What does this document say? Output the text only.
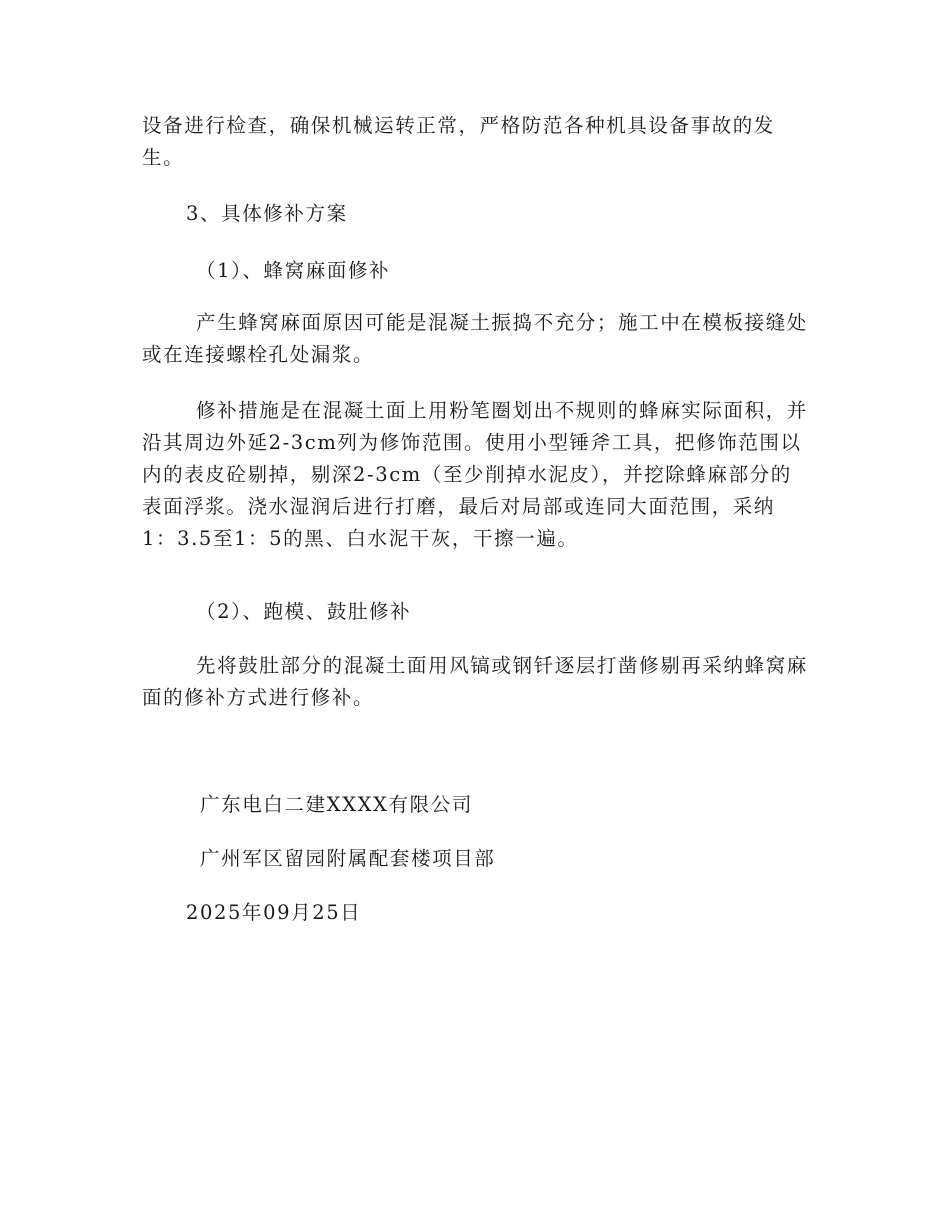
设备进行检查，确保机械运转正常，严格防范各种机具设备事故的发生。

3、具体修补方案

（1）、蜂窝麻面修补

产生蜂窝麻面原因可能是混凝土振捣不充分；施工中在模板接缝处或在连接螺栓孔处漏浆。

修补措施是在混凝土面上用粉笔圈划出不规则的蜂麻实际面积，并沿其周边外延2-3cm列为修饰范围。使用小型锤斧工具，把修饰范围以内的表皮砼剔掉，剔深2-3cm（至少削掉水泥皮），并挖除蜂麻部分的表面浮浆。浇水湿润后进行打磨，最后对局部或连同大面范围，采纳1：3.5至1：5的黑、白水泥干灰，干擦一遍。

（2）、跑模、鼓肚修补

先将鼓肚部分的混凝土面用风镐或钢钎逐层打凿修剔再采纳蜂窝麻面的修补方式进行修补。

广东电白二建XXXX有限公司

广州军区留园附属配套楼项目部

2025年09月25日
